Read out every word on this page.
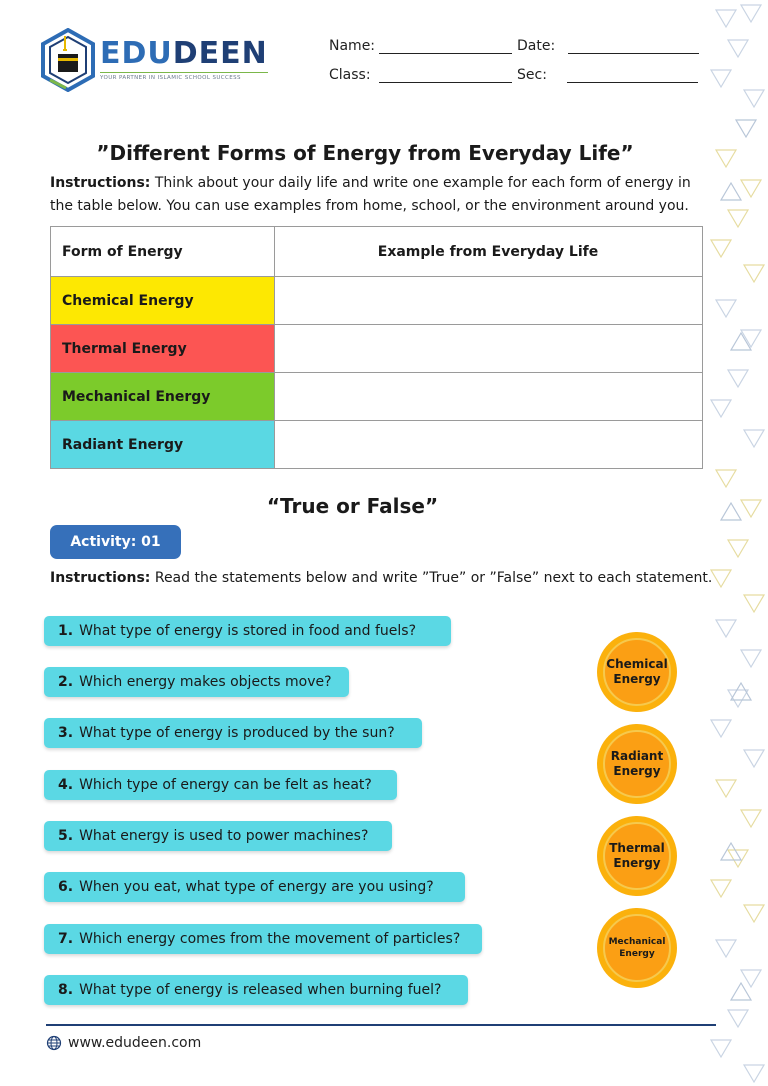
EDUDEEN
YOUR PARTNER IN ISLAMIC SCHOOL SUCCESS
Name:	Date:
Class:	Sec:
”Different Forms of Energy from Everyday Life”
Instructions: Think about your daily life and write one example for each form of energy in the table below. You can use examples from home, school, or the environment around you.
Form of Energy	Example from Everyday Life
Chemical Energy	
Thermal Energy	
Mechanical Energy	
Radiant Energy	
“True or False”
Activity: 01
Instructions: Read the statements below and write ”True” or ”False” next to each statement.
1. What type of energy is stored in food and fuels?
2. Which energy makes objects move?
3. What type of energy is produced by the sun?
4. Which type of energy can be felt as heat?
5. What energy is used to power machines?
6. When you eat, what type of energy are you using?
7. Which energy comes from the movement of particles?
8. What type of energy is released when burning fuel?
Chemical
Energy
Radiant
Energy
Thermal
Energy
Mechanical
Energy
www.edudeen.com
